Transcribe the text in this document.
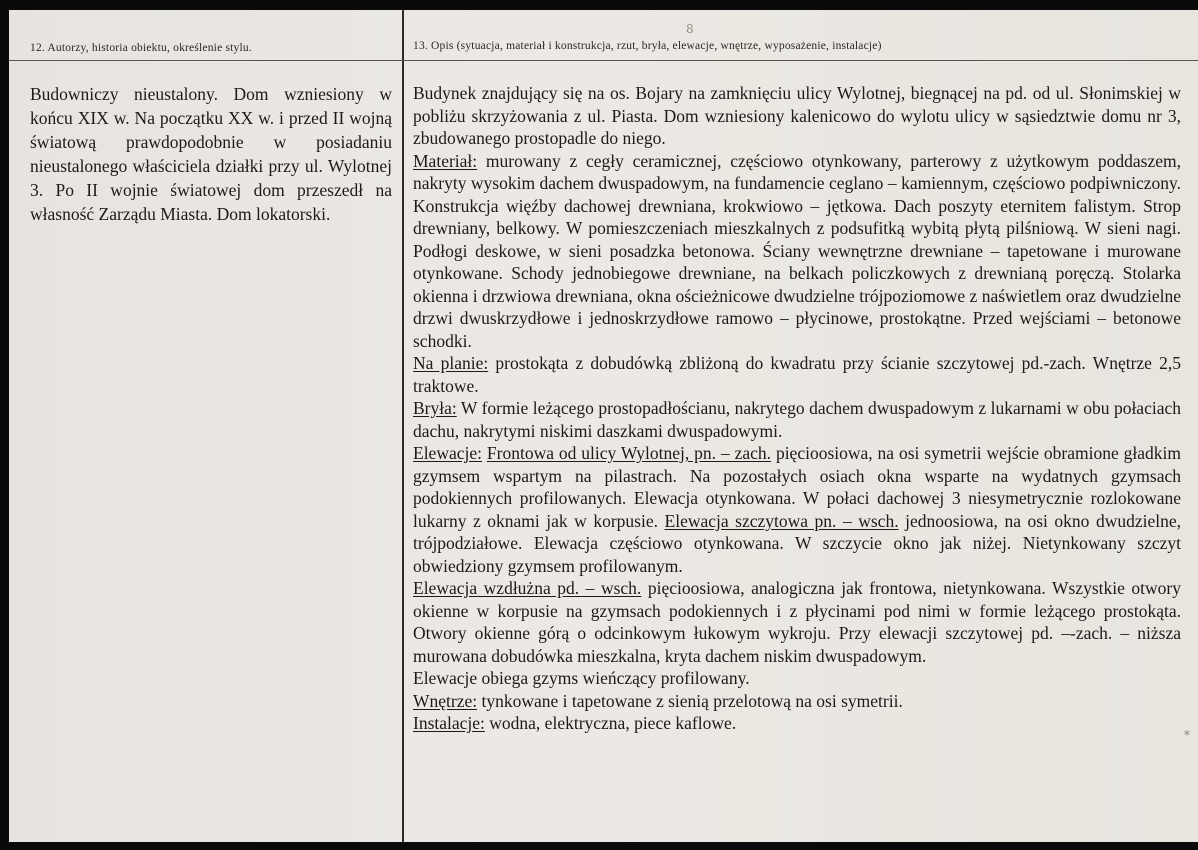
8
*
12. Autorzy, historia obiektu, określenie stylu.	13. Opis (sytuacja, materiał i konstrukcja, rzut, bryła, elewacje, wnętrze, wyposażenie, instalacje)
Budowniczy nieustalony. Dom wzniesiony w końcu XIX w. Na początku XX w. i przed II wojną światową prawdopodobnie w posiadaniu nieustalonego właściciela działki przy ul. Wylotnej 3. Po II wojnie światowej dom przeszedł na własność Zarządu Miasta. Dom lokatorski.
Budynek znajdujący się na os. Bojary na zamknięciu ulicy Wylotnej, biegnącej na pd. od ul. Słonimskiej w pobliżu skrzyżowania z ul. Piasta. Dom wzniesiony kalenicowo do wylotu ulicy w sąsiedztwie domu nr 3, zbudowanego prostopadle do niego.
Materiał: murowany z cegły ceramicznej, częściowo otynkowany, parterowy z użytkowym poddaszem, nakryty wysokim dachem dwuspadowym, na fundamencie ceglano – kamiennym, częściowo podpiwniczony. Konstrukcja więźby dachowej drewniana, krokwiowo – jętkowa. Dach poszyty eternitem falistym. Strop drewniany, belkowy. W pomieszczeniach mieszkalnych z podsufitką wybitą płytą pilśniową. W sieni nagi. Podłogi deskowe, w sieni posadzka betonowa. Ściany wewnętrzne drewniane – tapetowane i murowane otynkowane. Schody jednobiegowe drewniane, na belkach policzkowych z drewnianą poręczą. Stolarka okienna i drzwiowa drewniana, okna ościeżnicowe dwudzielne trójpoziomowe z naświetlem oraz dwudzielne drzwi dwuskrzydłowe i jednoskrzydłowe ramowo – płycinowe, prostokątne. Przed wejściami – betonowe schodki.
Na planie: prostokąta z dobudówką zbliżoną do kwadratu przy ścianie szczytowej pd.-zach. Wnętrze 2,5 traktowe.
Bryła: W formie leżącego prostopadłościanu, nakrytego dachem dwuspadowym z lukarnami w obu połaciach dachu, nakrytymi niskimi daszkami dwuspadowymi.
Elewacje: Frontowa od ulicy Wylotnej, pn. – zach. pięcioosiowa, na osi symetrii wejście obramione gładkim gzymsem wspartym na pilastrach. Na pozostałych osiach okna wsparte na wydatnych gzymsach podokiennych profilowanych. Elewacja otynkowana. W połaci dachowej 3 niesymetrycznie rozlokowane lukarny z oknami jak w korpusie. Elewacja szczytowa pn. – wsch. jednoosiowa, na osi okno dwudzielne, trójpodziałowe. Elewacja częściowo otynkowana. W szczycie okno jak niżej. Nietynkowany szczyt obwiedziony gzymsem profilowanym.
Elewacja wzdłużna pd. – wsch. pięcioosiowa, analogiczna jak frontowa, nietynkowana. Wszystkie otwory okienne w korpusie na gzymsach podokiennych i z płycinami pod nimi w formie leżącego prostokąta. Otwory okienne górą o odcinkowym łukowym wykroju. Przy elewacji szczytowej pd. –-zach. – niższa murowana dobudówka mieszkalna, kryta dachem niskim dwuspadowym.
Elewacje obiega gzyms wieńczący profilowany.
Wnętrze: tynkowane i tapetowane z sienią przelotową na osi symetrii.
Instalacje: wodna, elektryczna, piece kaflowe.
